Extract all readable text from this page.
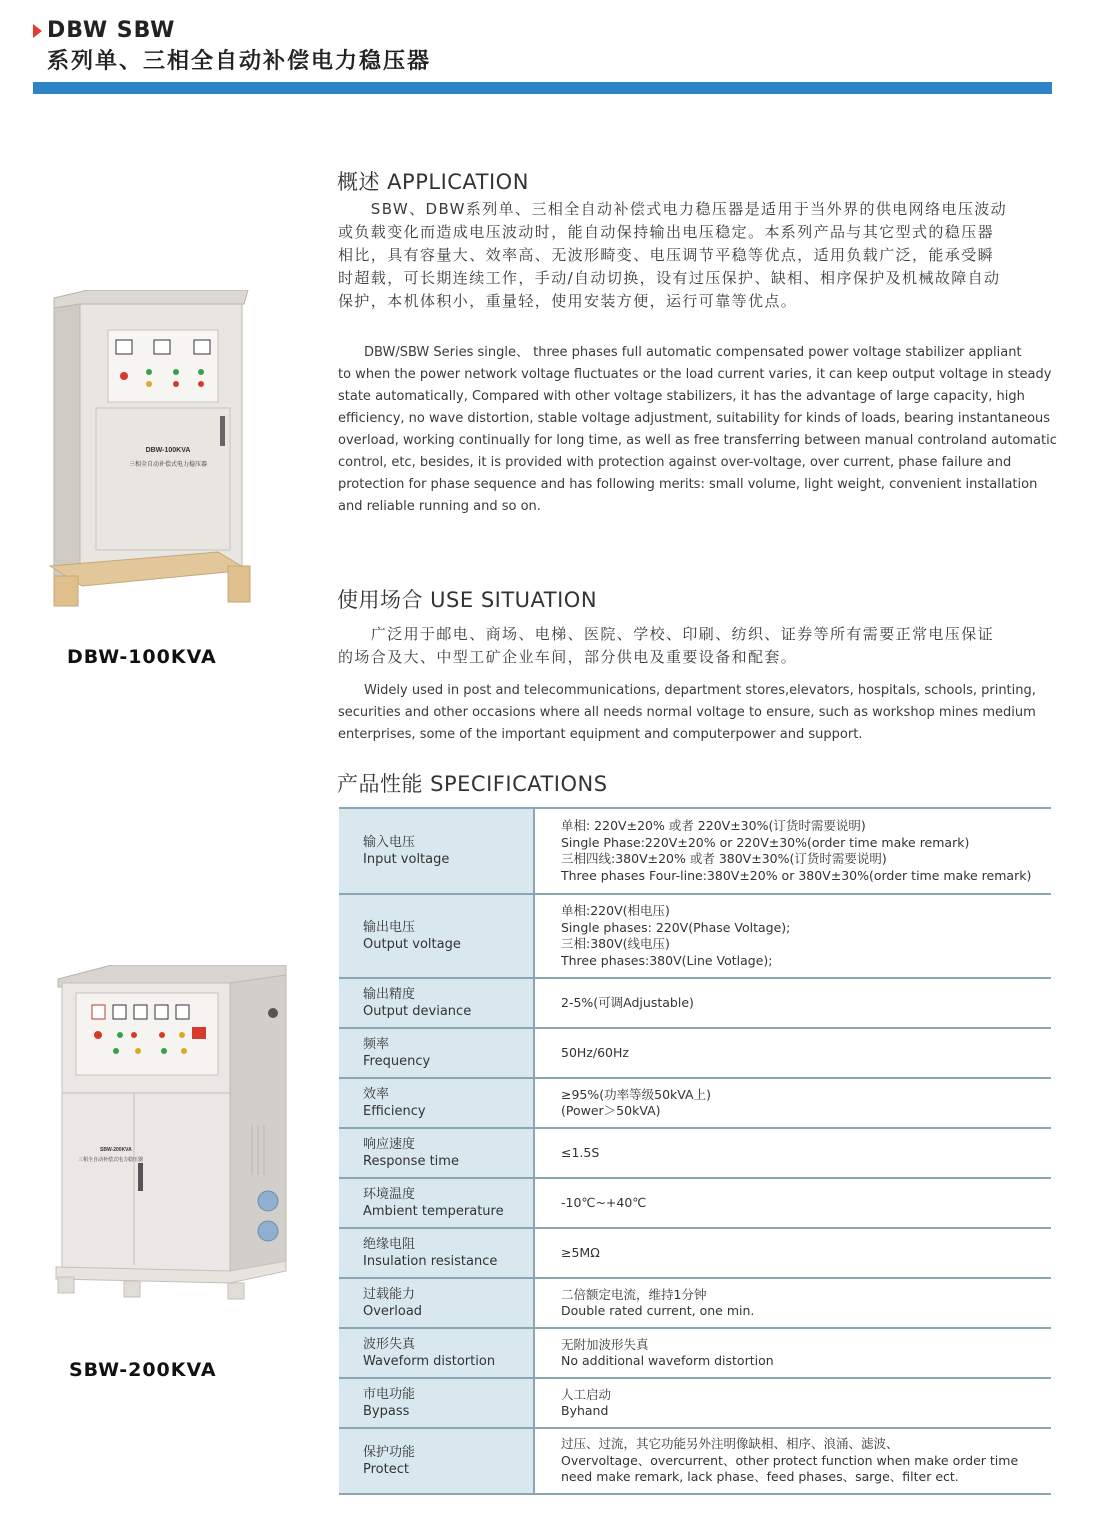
DBW SBW
系列单、三相全自动补偿电力稳压器
概述 APPLICATION
　　SBW、DBW系列单、三相全自动补偿式电力稳压器是适用于当外界的供电网络电压波动
或负载变化而造成电压波动时，能自动保持输出电压稳定。本系列产品与其它型式的稳压器
相比，具有容量大、效率高、无波形畸变、电压调节平稳等优点，适用负载广泛，能承受瞬
时超载，可长期连续工作，手动/自动切换，设有过压保护、缺相、相序保护及机械故障自动
保护，本机体积小，重量轻，使用安装方便，运行可靠等优点。
　　DBW/SBW Series single、 three phases full automatic compensated power voltage stabilizer appliant
to when the power network voltage fluctuates or the load current varies, it can keep output voltage in steady
state automatically, Compared with other voltage stabilizers, it has the advantage of large capacity, high
efficiency, no wave distortion, stable voltage adjustment, suitability for kinds of loads, bearing instantaneous
overload, working continually for long time, as well as free transferring between manual controland automatic
control, etc, besides, it is provided with protection against over-voltage, over current, phase failure and
protection for phase sequence and has following merits: small volume, light weight, convenient installation
and reliable running and so on.
使用场合 USE SITUATION
　　广泛用于邮电、商场、电梯、医院、学校、印刷、纺织、证券等所有需要正常电压保证
的场合及大、中型工矿企业车间，部分供电及重要设备和配套。
　　Widely used in post and telecommunications, department stores,elevators, hospitals, schools, printing,
securities and other occasions where all needs normal voltage to ensure, such as workshop mines medium
enterprises, some of the important equipment and computerpower and support.
DBW-100KVA
三相全自动补偿式电力稳压器
DBW-100KVA
SBW-200KVA
三相全自动补偿式电力稳压器
SBW-200KVA
产品性能 SPECIFICATIONS
输入电压
Input voltage
单相: 220V±20% 或者 220V±30%(订货时需要说明)
Single Phase:220V±20% or 220V±30%(order time make remark)
三相四线:380V±20% 或者 380V±30%(订货时需要说明)
Three phases Four-line:380V±20% or 380V±30%(order time make remark)
输出电压
Output voltage
单相:220V(相电压)
Single phases: 220V(Phase Voltage);
三相:380V(线电压)
Three phases:380V(Line Votlage);
输出精度
Output deviance
2-5%(可调Adjustable)
频率
Frequency
50Hz/60Hz
效率
Efficiency
≥95%(功率等级50kVA上)
(Power＞50kVA)
响应速度
Response time
≤1.5S
环境温度
Ambient temperature
-10℃~+40℃
绝缘电阻
Insulation resistance
≥5MΩ
过载能力
Overload
二倍额定电流，维持1分钟
Double rated current, one min.
波形失真
Waveform distortion
无附加波形失真
No additional waveform distortion
市电功能
Bypass
人工启动
Byhand
保护功能
Protect
过压、过流，其它功能另外注明像缺相、相序、浪涌、滤波、
Overvoltage、overcurrent、other protect function when make order time
need make remark, lack phase、feed phases、sarge、filter ect.
